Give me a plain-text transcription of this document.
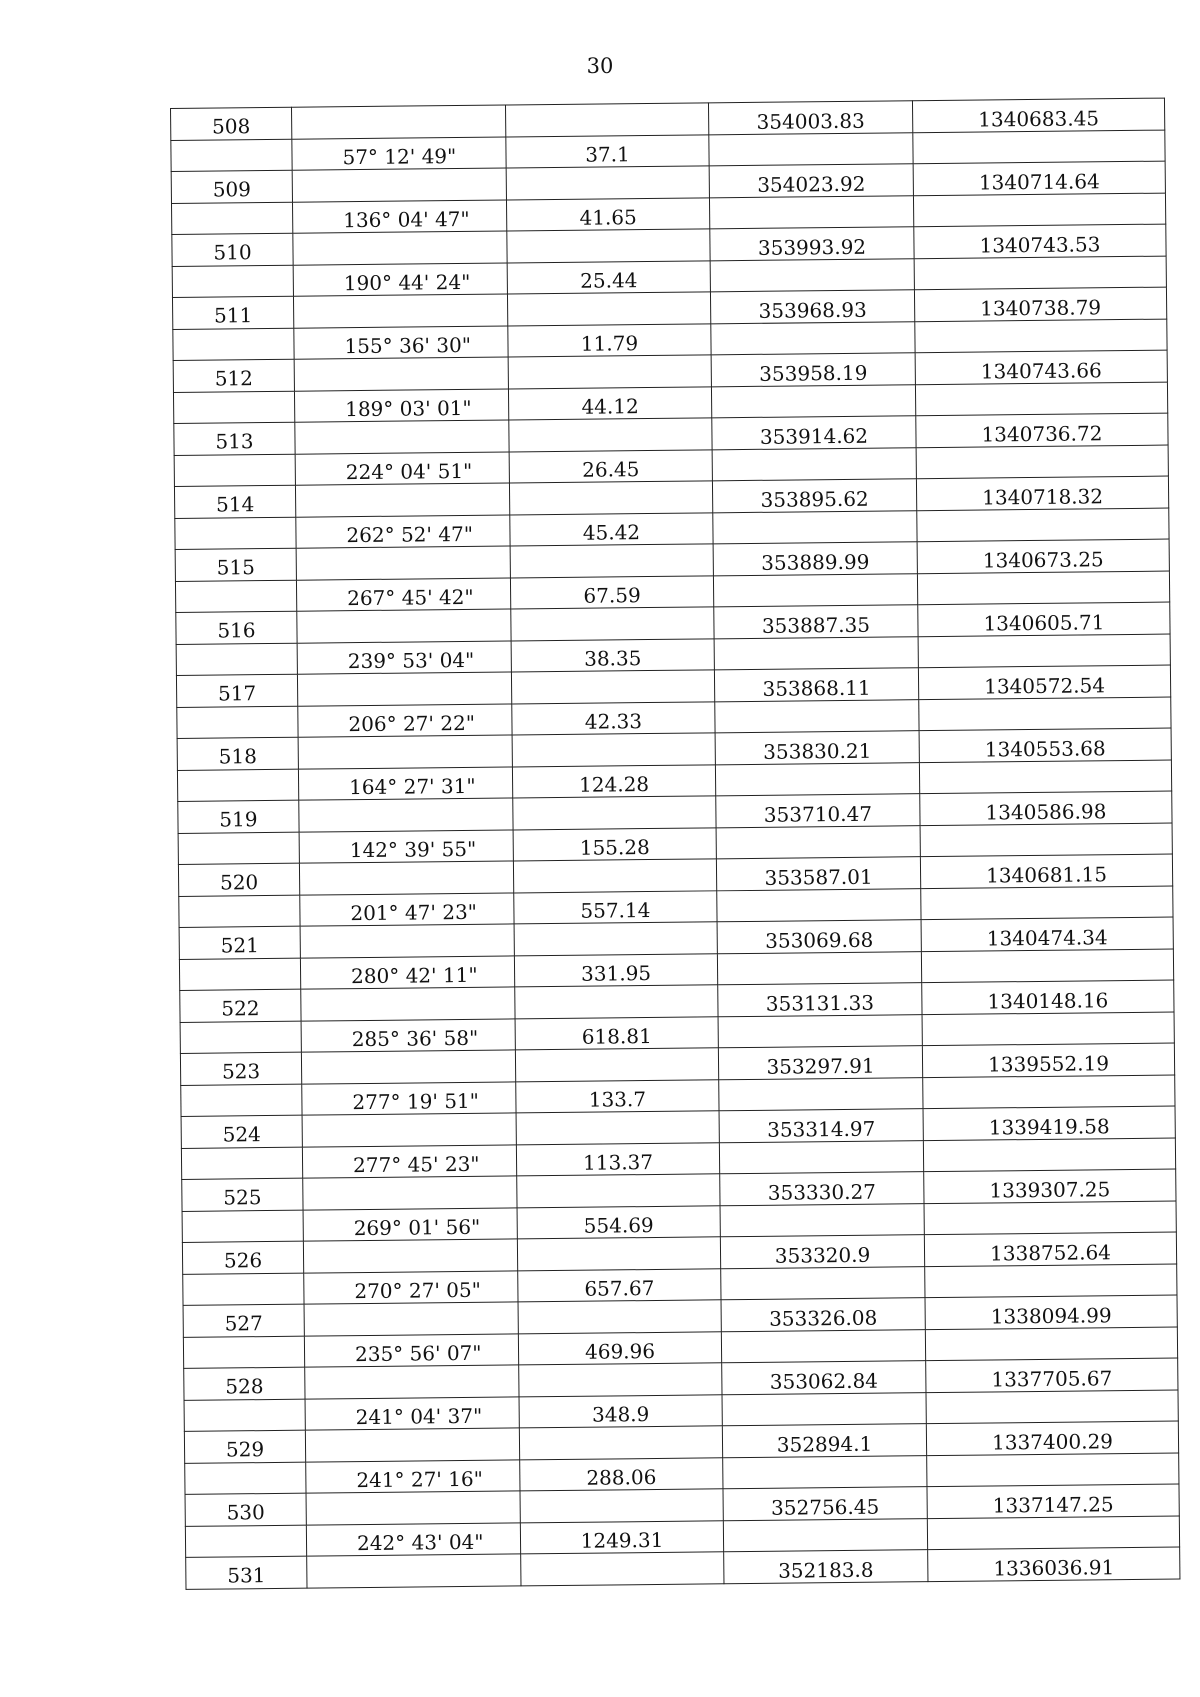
30
508			354003.83	1340683.45
	57° 12' 49"	37.1		
509			354023.92	1340714.64
	136° 04' 47"	41.65		
510			353993.92	1340743.53
	190° 44' 24"	25.44		
511			353968.93	1340738.79
	155° 36' 30"	11.79		
512			353958.19	1340743.66
	189° 03' 01"	44.12		
513			353914.62	1340736.72
	224° 04' 51"	26.45		
514			353895.62	1340718.32
	262° 52' 47"	45.42		
515			353889.99	1340673.25
	267° 45' 42"	67.59		
516			353887.35	1340605.71
	239° 53' 04"	38.35		
517			353868.11	1340572.54
	206° 27' 22"	42.33		
518			353830.21	1340553.68
	164° 27' 31"	124.28		
519			353710.47	1340586.98
	142° 39' 55"	155.28		
520			353587.01	1340681.15
	201° 47' 23"	557.14		
521			353069.68	1340474.34
	280° 42' 11"	331.95		
522			353131.33	1340148.16
	285° 36' 58"	618.81		
523			353297.91	1339552.19
	277° 19' 51"	133.7		
524			353314.97	1339419.58
	277° 45' 23"	113.37		
525			353330.27	1339307.25
	269° 01' 56"	554.69		
526			353320.9	1338752.64
	270° 27' 05"	657.67		
527			353326.08	1338094.99
	235° 56' 07"	469.96		
528			353062.84	1337705.67
	241° 04' 37"	348.9		
529			352894.1	1337400.29
	241° 27' 16"	288.06		
530			352756.45	1337147.25
	242° 43' 04"	1249.31		
531			352183.8	1336036.91
